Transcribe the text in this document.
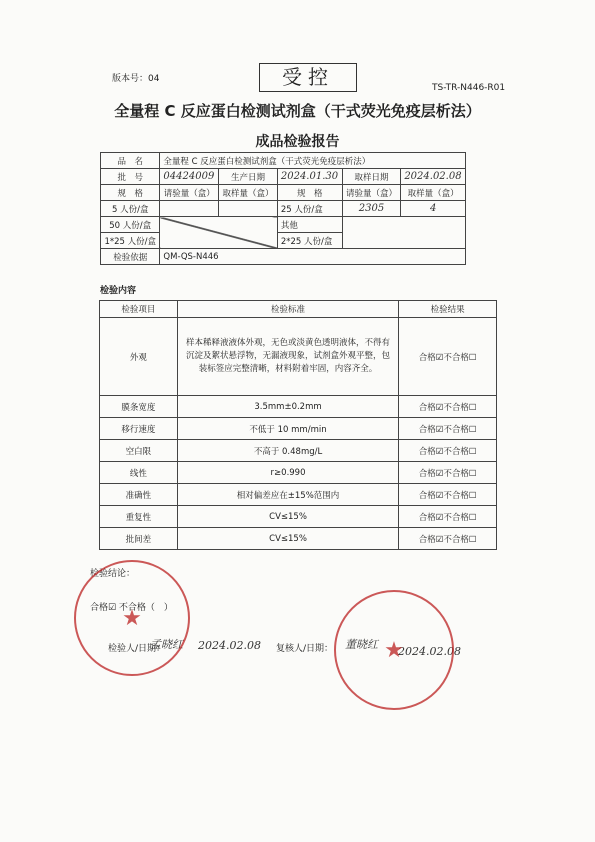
版本号：04	受控	TS-TR-N446-R01
全量程 C 反应蛋白检测试剂盒（干式荧光免疫层析法）
成品检验报告
品　名	全量程 C 反应蛋白检测试剂盒（干式荧光免疫层析法）				
批　号	04424009	生产日期	2024.01.30	取样日期	2024.02.08
规　格	请验量（盒）	取样量（盒）	规　格	请验量（盒）	取样量（盒）
5 人份/盒			25 人份/盒	2305	4
50 人份/盒			其他		
1*25 人份/盒			2*25 人份/盒		
检验依据	QM-QS-N446				
检验内容
检验项目	检验标准	检验结果
外观	样本稀释液液体外观，无色或淡黄色透明液体，不得有沉淀及絮状悬浮物，无漏液现象，试剂盒外观平整，包装标签应完整清晰，材料附着牢固，内容齐全。	合格☑不合格☐
膜条宽度	3.5mm±0.2mm	合格☑不合格☐
移行速度	不低于 10 mm/min	合格☑不合格☐
空白限	不高于 0.48mg/L	合格☑不合格☐
线性	r≥0.990	合格☑不合格☐
准确性	相对偏差应在±15%范围内	合格☑不合格☐
重复性	CV≤15%	合格☑不合格☐
批间差	CV≤15%	合格☑不合格☐
检验结论：
合格☑ 不合格（　）
检验人/日期：
孟晓红 2024.02.08 复核人/日期： 董晓红
2024.02.08
★
★
